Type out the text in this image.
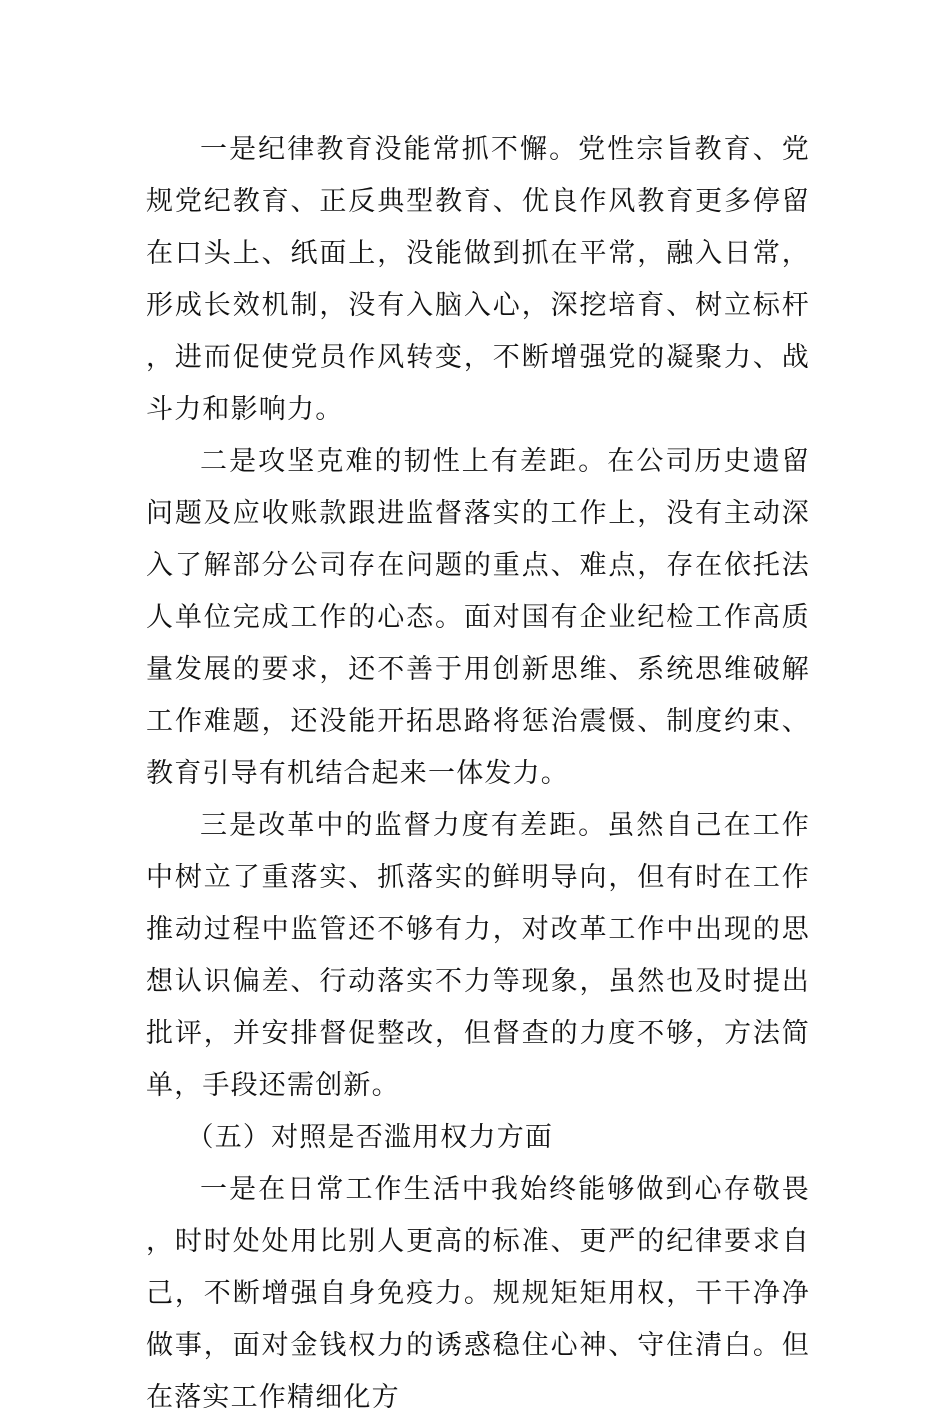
一是纪律教育没能常抓不懈。党性宗旨教育、党规党纪教育、正反典型教育、优良作风教育更多停留在口头上、纸面上，没能做到抓在平常，融入日常，形成长效机制，没有入脑入心，深挖培育、树立标杆，进而促使党员作风转变，不断增强党的凝聚力、战斗力和影响力。

二是攻坚克难的韧性上有差距。在公司历史遗留问题及应收账款跟进监督落实的工作上，没有主动深入了解部分公司存在问题的重点、难点，存在依托法人单位完成工作的心态。面对国有企业纪检工作高质量发展的要求，还不善于用创新思维、系统思维破解工作难题，还没能开拓思路将惩治震慑、制度约束、教育引导有机结合起来一体发力。

三是改革中的监督力度有差距。虽然自己在工作中树立了重落实、抓落实的鲜明导向，但有时在工作推动过程中监管还不够有力，对改革工作中出现的思想认识偏差、行动落实不力等现象，虽然也及时提出批评，并安排督促整改，但督查的力度不够，方法简单，手段还需创新。

（五）对照是否滥用权力方面

一是在日常工作生活中我始终能够做到心存敬畏，时时处处用比别人更高的标准、更严的纪律要求自己，不断增强自身免疫力。规规矩矩用权，干干净净做事，面对金钱权力的诱惑稳住心神、守住清白。但在落实工作精细化方
